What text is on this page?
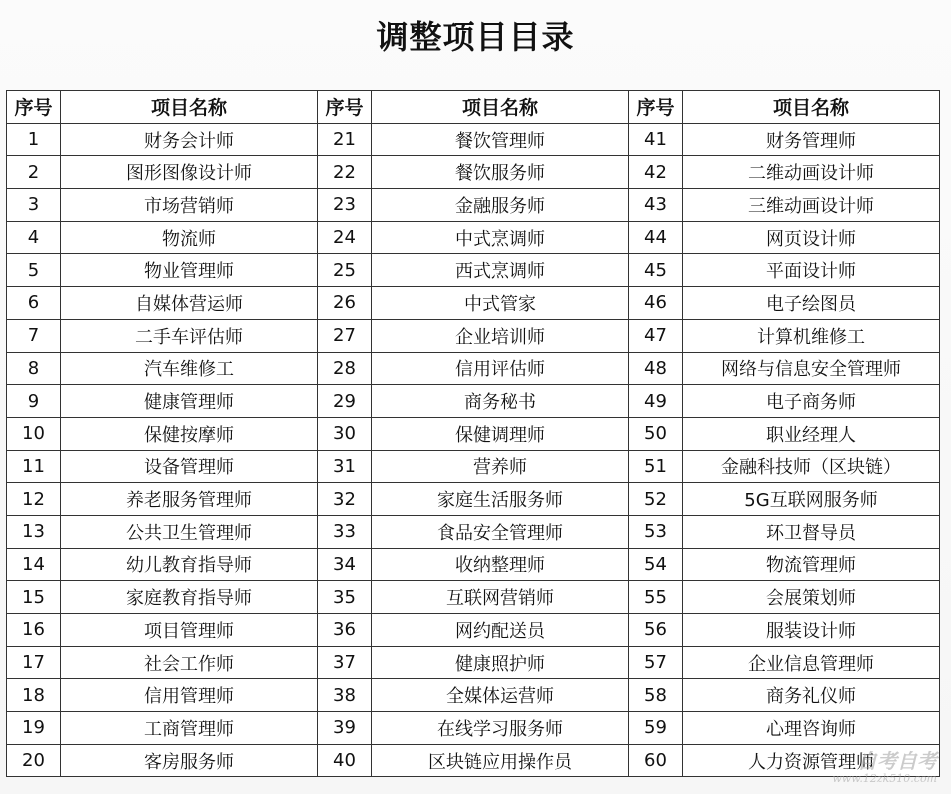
调整项目目录
序号	项目名称	序号	项目名称	序号	项目名称
1	财务会计师	21	餐饮管理师	41	财务管理师
2	图形图像设计师	22	餐饮服务师	42	二维动画设计师
3	市场营销师	23	金融服务师	43	三维动画设计师
4	物流师	24	中式烹调师	44	网页设计师
5	物业管理师	25	西式烹调师	45	平面设计师
6	自媒体营运师	26	中式管家	46	电子绘图员
7	二手车评估师	27	企业培训师	47	计算机维修工
8	汽车维修工	28	信用评估师	48	网络与信息安全管理师
9	健康管理师	29	商务秘书	49	电子商务师
10	保健按摩师	30	保健调理师	50	职业经理人
11	设备管理师	31	营养师	51	金融科技师（区块链）
12	养老服务管理师	32	家庭生活服务师	52	5G互联网服务师
13	公共卫生管理师	33	食品安全管理师	53	环卫督导员
14	幼儿教育指导师	34	收纳整理师	54	物流管理师
15	家庭教育指导师	35	互联网营销师	55	会展策划师
16	项目管理师	36	网约配送员	56	服装设计师
17	社会工作师	37	健康照护师	57	企业信息管理师
18	信用管理师	38	全媒体运营师	58	商务礼仪师
19	工商管理师	39	在线学习服务师	59	心理咨询师
20	客房服务师	40	区块链应用操作员	60	人力资源管理师
自考自考
www.12zk510.com
